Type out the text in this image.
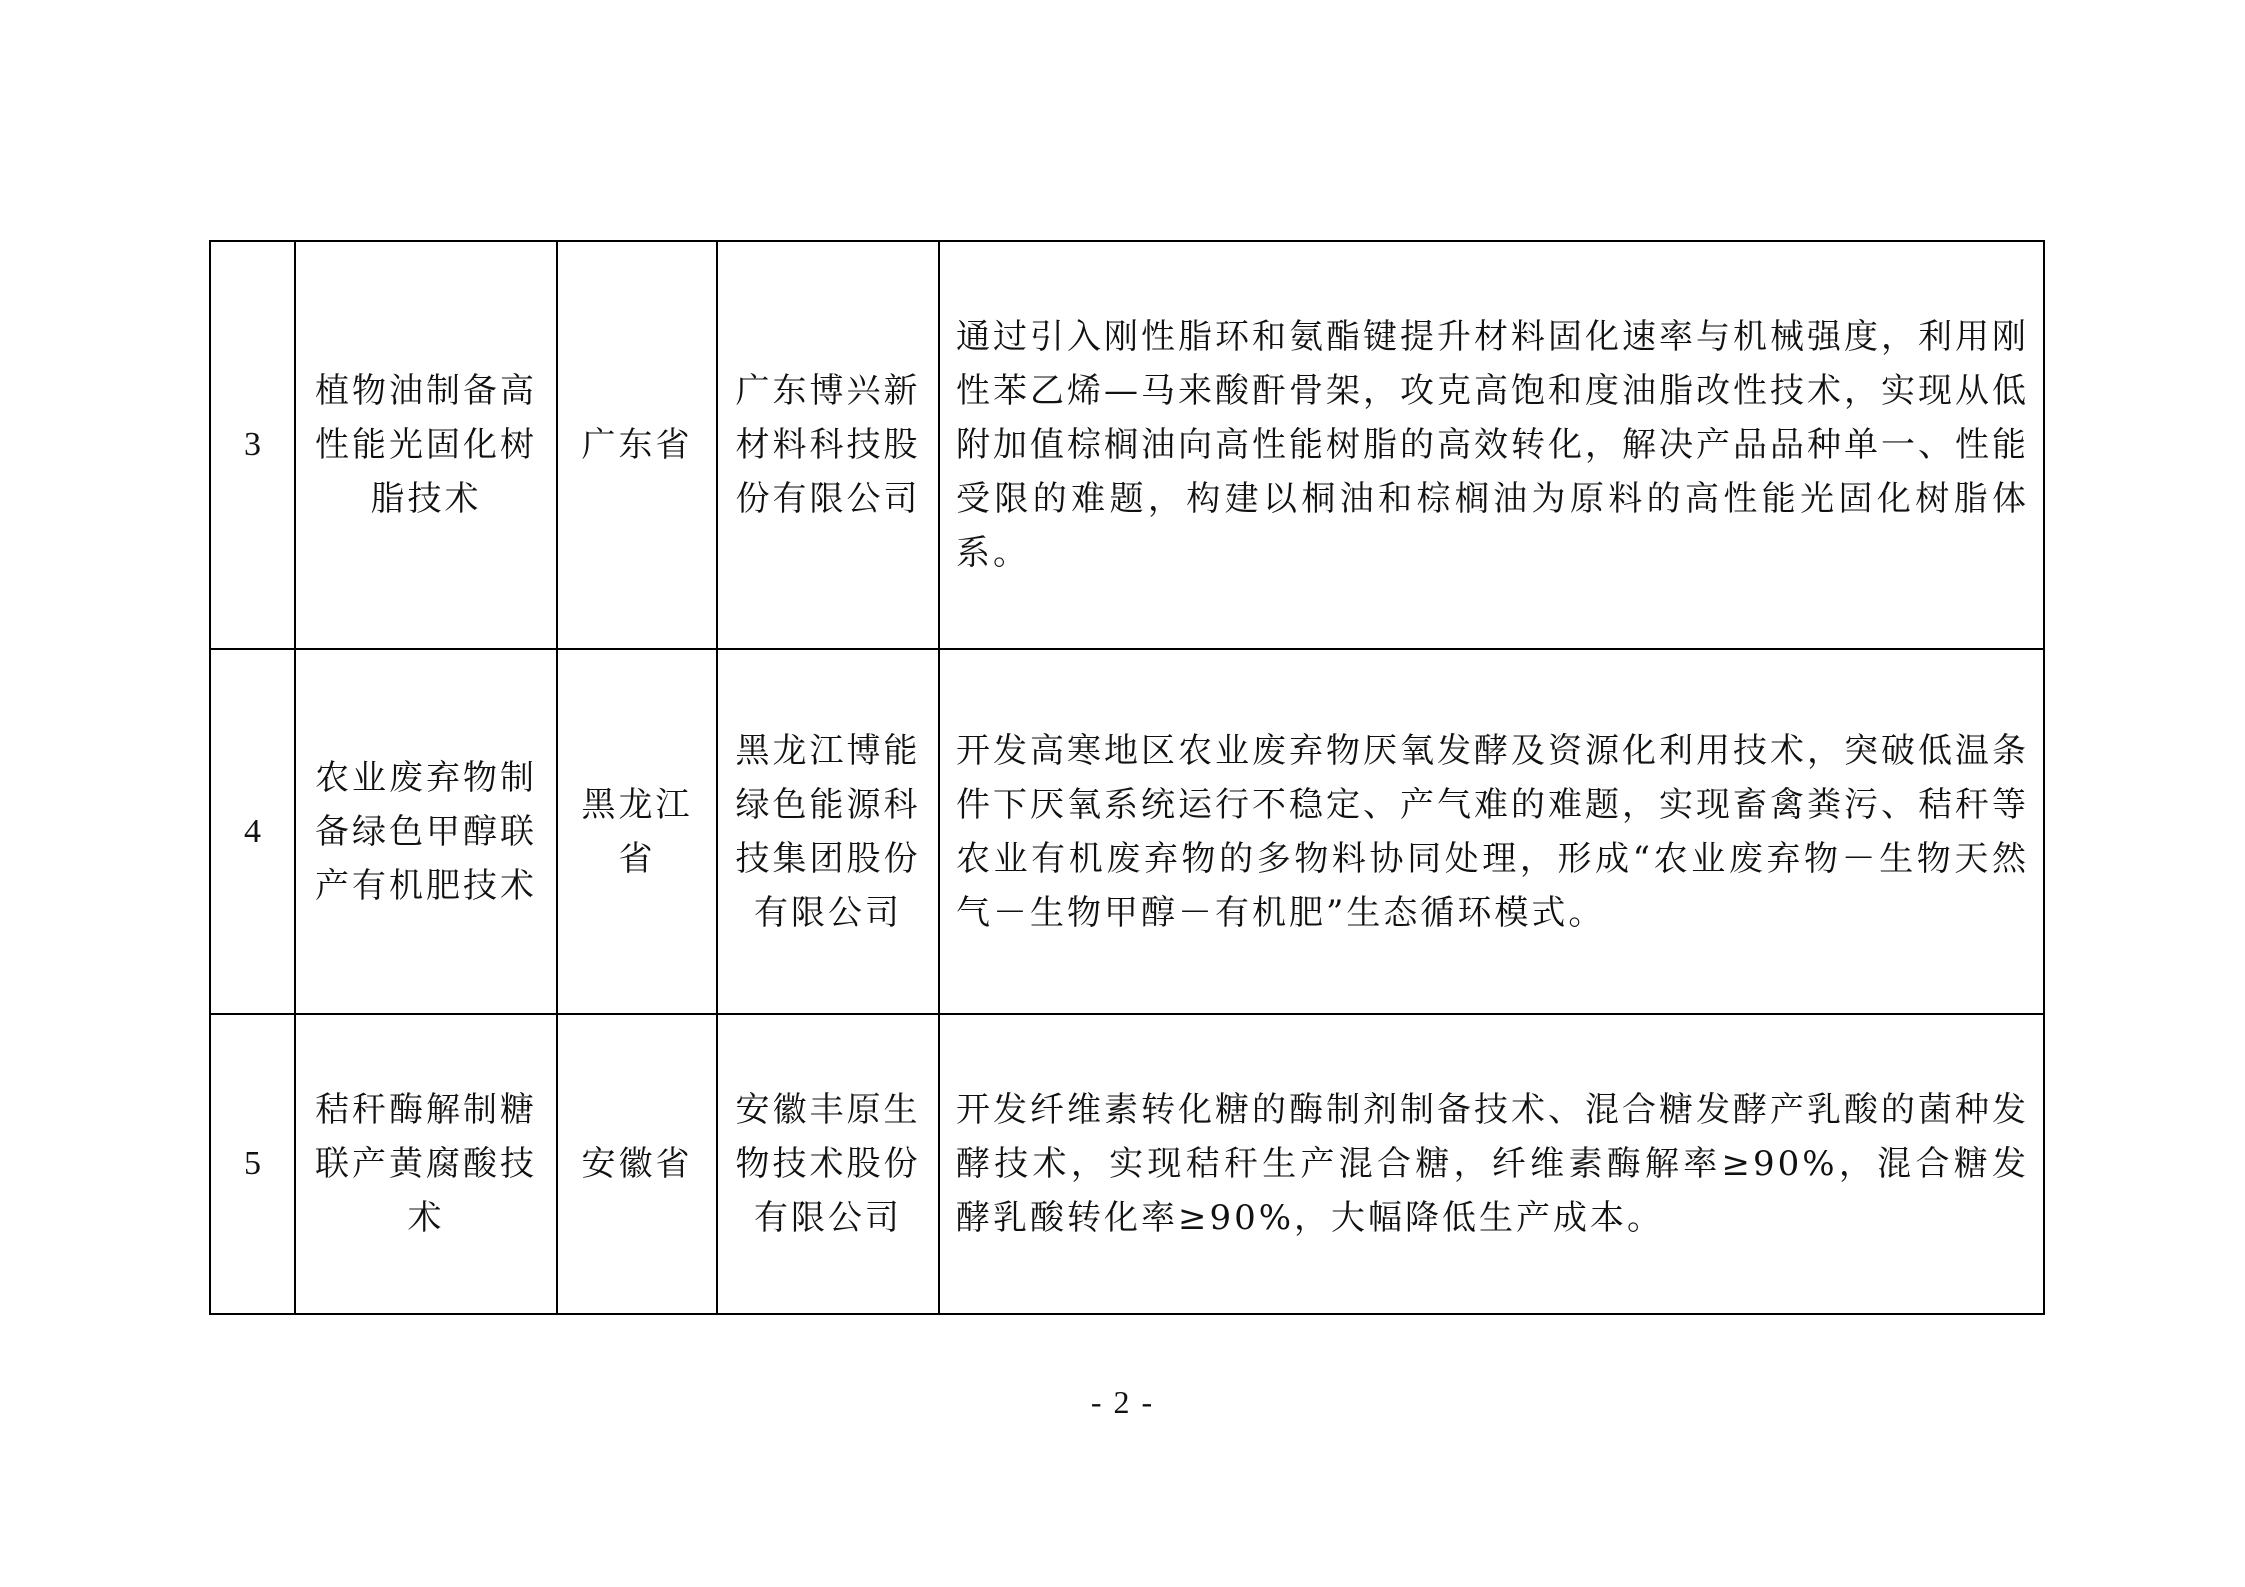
3	植物油制备高性能光固化树脂技术	广东省	广东博兴新材料科技股份有限公司	通过引入刚性脂环和氨酯键提升材料固化速率与机械强度，利用刚性苯乙烯—马来酸酐骨架，攻克高饱和度油脂改性技术，实现从低附加值棕榈油向高性能树脂的高效转化，解决产品品种单一、性能受限的难题，构建以桐油和棕榈油为原料的高性能光固化树脂体系。

4	农业废弃物制备绿色甲醇联产有机肥技术	黑龙江省	黑龙江博能绿色能源科技集团股份有限公司	开发高寒地区农业废弃物厌氧发酵及资源化利用技术，突破低温条件下厌氧系统运行不稳定、产气难的难题，实现畜禽粪污、秸秆等农业有机废弃物的多物料协同处理，形成“农业废弃物－生物天然气－生物甲醇－有机肥”生态循环模式。

5	秸秆酶解制糖联产黄腐酸技术	安徽省	安徽丰原生物技术股份有限公司	开发纤维素转化糖的酶制剂制备技术、混合糖发酵产乳酸的菌种发酵技术，实现秸秆生产混合糖，纤维素酶解率≥90%，混合糖发酵乳酸转化率≥90%，大幅降低生产成本。
- 2 -
